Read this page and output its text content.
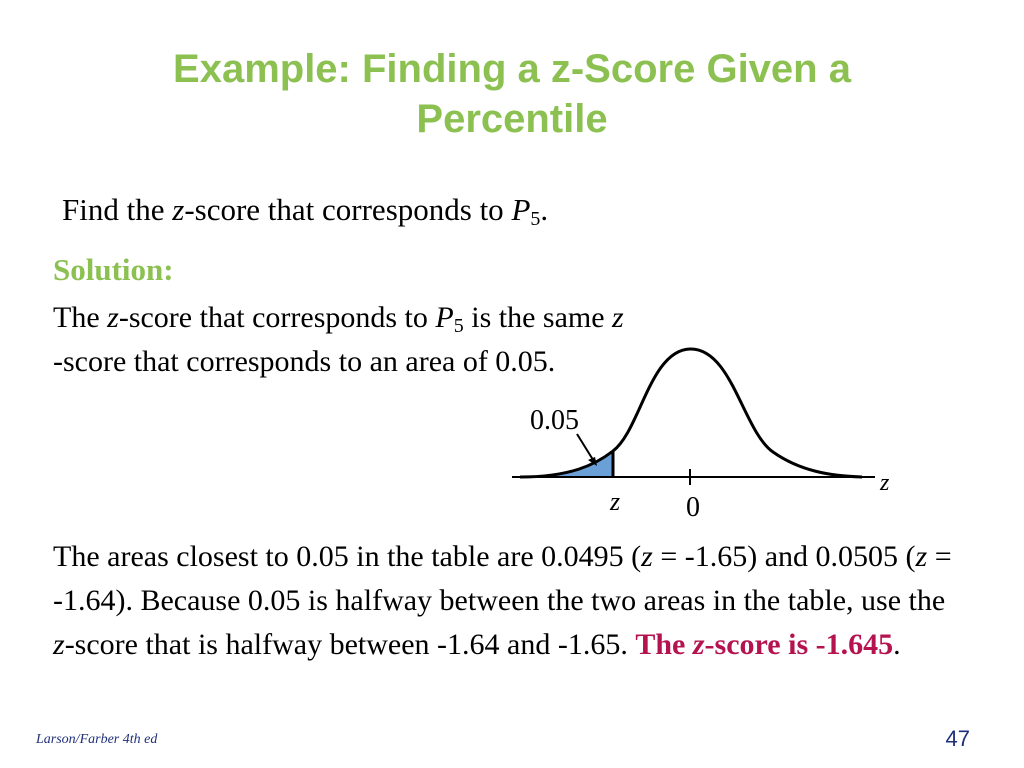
Example: Finding a z-Score Given a
Percentile
Find the z-score that corresponds to $P_5$.
Solution:
The z-score that corresponds to $P_5$ is the same z
-score that corresponds to an area of 0.05.
0.05
z 0
z
The areas closest to 0.05 in the table are 0.0495 (z = -1.65) and 0.0505 (z = -1.64). Because 0.05 is halfway between the two areas in the table, use the z-score that is halfway between -1.64 and -1.65. The z-score is -1.645.
Larson/Farber 4th ed	47
